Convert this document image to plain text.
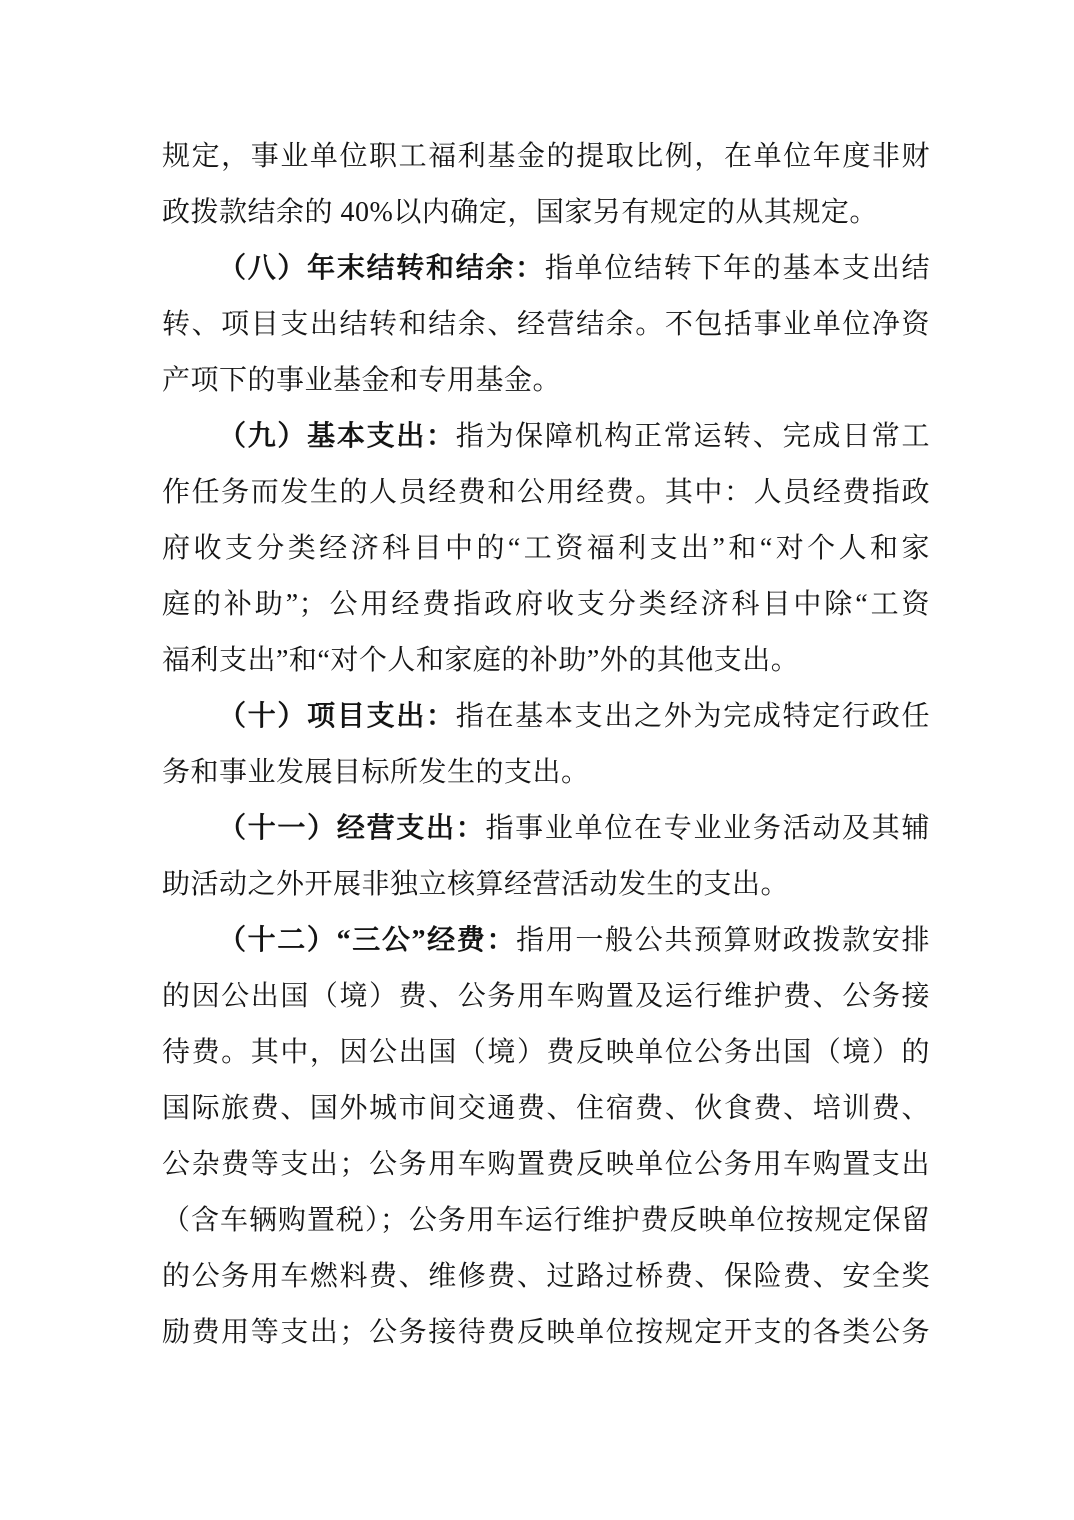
规定，事业单位职工福利基金的提取比例，在单位年度非财
政拨款结余的 40%以内确定，国家另有规定的从其规定。
（八）年末结转和结余：指单位结转下年的基本支出结
转、项目支出结转和结余、经营结余。不包括事业单位净资
产项下的事业基金和专用基金。
（九）基本支出：指为保障机构正常运转、完成日常工
作任务而发生的人员经费和公用经费。其中：人员经费指政
府收支分类经济科目中的“工资福利支出”和“对个人和家
庭的补助”；公用经费指政府收支分类经济科目中除“工资
福利支出”和“对个人和家庭的补助”外的其他支出。
（十）项目支出：指在基本支出之外为完成特定行政任
务和事业发展目标所发生的支出。
（十一）经营支出：指事业单位在专业业务活动及其辅
助活动之外开展非独立核算经营活动发生的支出。
（十二）“三公”经费：指用一般公共预算财政拨款安排
的因公出国（境）费、公务用车购置及运行维护费、公务接
待费。其中，因公出国（境）费反映单位公务出国（境）的
国际旅费、国外城市间交通费、住宿费、伙食费、培训费、
公杂费等支出；公务用车购置费反映单位公务用车购置支出
（含车辆购置税）；公务用车运行维护费反映单位按规定保留
的公务用车燃料费、维修费、过路过桥费、保险费、安全奖
励费用等支出；公务接待费反映单位按规定开支的各类公务
